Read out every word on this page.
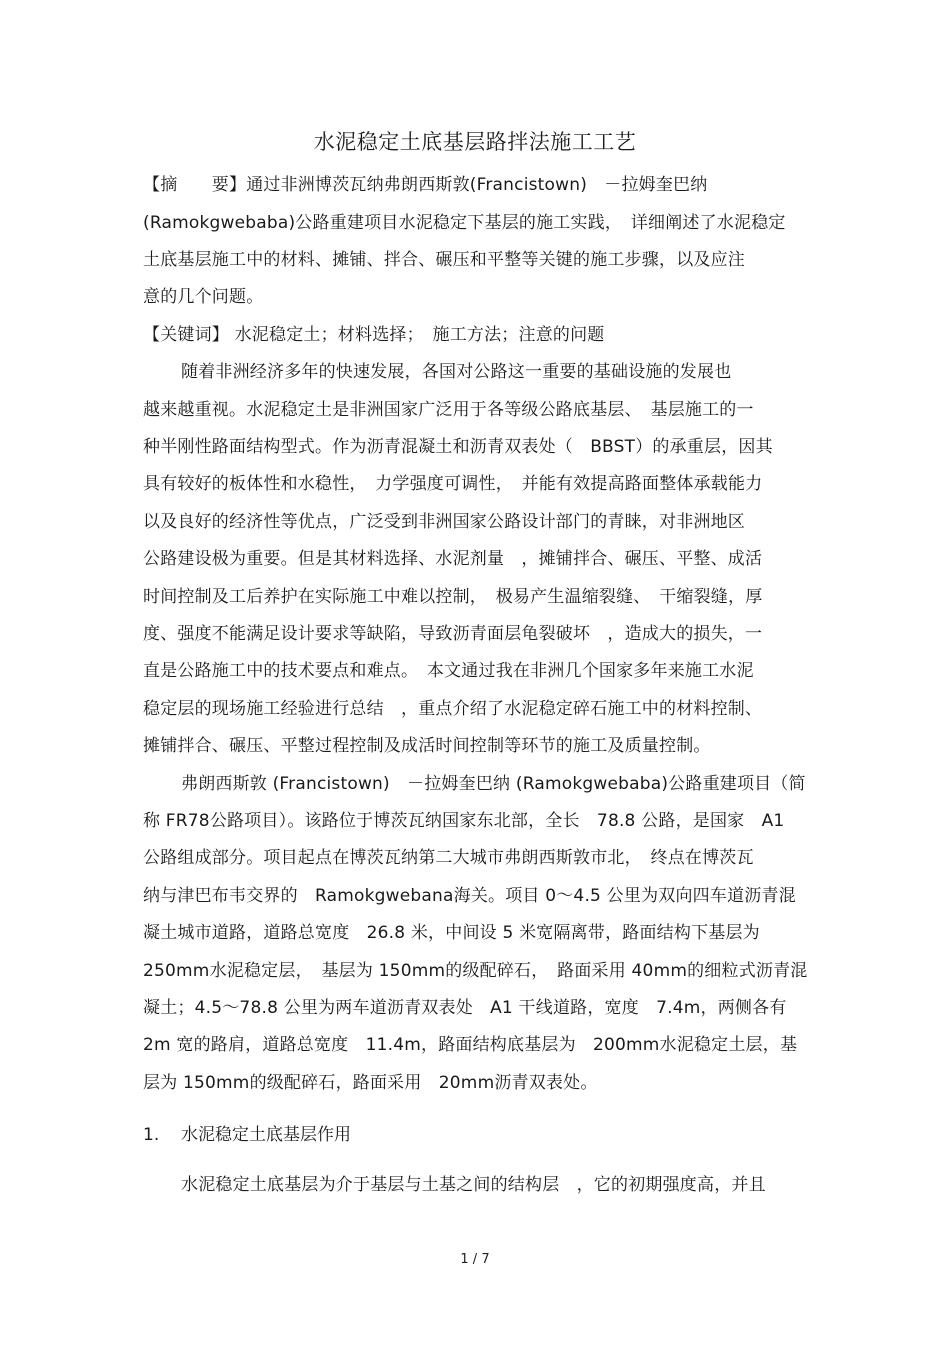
水泥稳定土底基层路拌法施工工艺
【摘　　要】通过非洲博茨瓦纳弗朗西斯敦(Francistown)　－拉姆奎巴纳
(Ramokgwebaba)公路重建项目水泥稳定下基层的施工实践，　详细阐述了水泥稳定
土底基层施工中的材料、摊铺、拌合、碾压和平整等关键的施工步骤，以及应注
意的几个问题。
【关键词】 水泥稳定土；材料选择；　施工方法；注意的问题
随着非洲经济多年的快速发展，各国对公路这一重要的基础设施的发展也
越来越重视。水泥稳定土是非洲国家广泛用于各等级公路底基层、　基层施工的一
种半刚性路面结构型式。作为沥青混凝土和沥青双表处（　BBST）的承重层，因其
具有较好的板体性和水稳性，　力学强度可调性，　并能有效提高路面整体承载能力
以及良好的经济性等优点，广泛受到非洲国家公路设计部门的青睐，对非洲地区
公路建设极为重要。但是其材料选择、水泥剂量　，摊铺拌合、碾压、平整、成活
时间控制及工后养护在实际施工中难以控制，　极易产生温缩裂缝、　干缩裂缝，厚
度、强度不能满足设计要求等缺陷，导致沥青面层龟裂破坏　，造成大的损失，一
直是公路施工中的技术要点和难点。　本文通过我在非洲几个国家多年来施工水泥
稳定层的现场施工经验进行总结　，重点介绍了水泥稳定碎石施工中的材料控制、
摊铺拌合、碾压、平整过程控制及成活时间控制等环节的施工及质量控制。
弗朗西斯敦 (Francistown)　－拉姆奎巴纳 (Ramokgwebaba)公路重建项目（简
称 FR78公路项目）。该路位于博茨瓦纳国家东北部，全长　78.8 公路，是国家　A1
公路组成部分。项目起点在博茨瓦纳第二大城市弗朗西斯敦市北，　终点在博茨瓦
纳与津巴布韦交界的　Ramokgwebana海关。项目 0～4.5 公里为双向四车道沥青混
凝土城市道路，道路总宽度　26.8 米，中间设 5 米宽隔离带，路面结构下基层为
250mm水泥稳定层，　基层为 150mm的级配碎石，　路面采用 40mm的细粒式沥青混
凝土；4.5～78.8 公里为两车道沥青双表处　A1 干线道路，宽度　7.4m，两侧各有
2m 宽的路肩，道路总宽度　11.4m，路面结构底基层为　200mm水泥稳定土层，基
层为 150mm的级配碎石，路面采用　20mm沥青双表处。
1. 水泥稳定土底基层作用
水泥稳定土底基层为介于基层与土基之间的结构层　，它的初期强度高，并且
1 / 7
